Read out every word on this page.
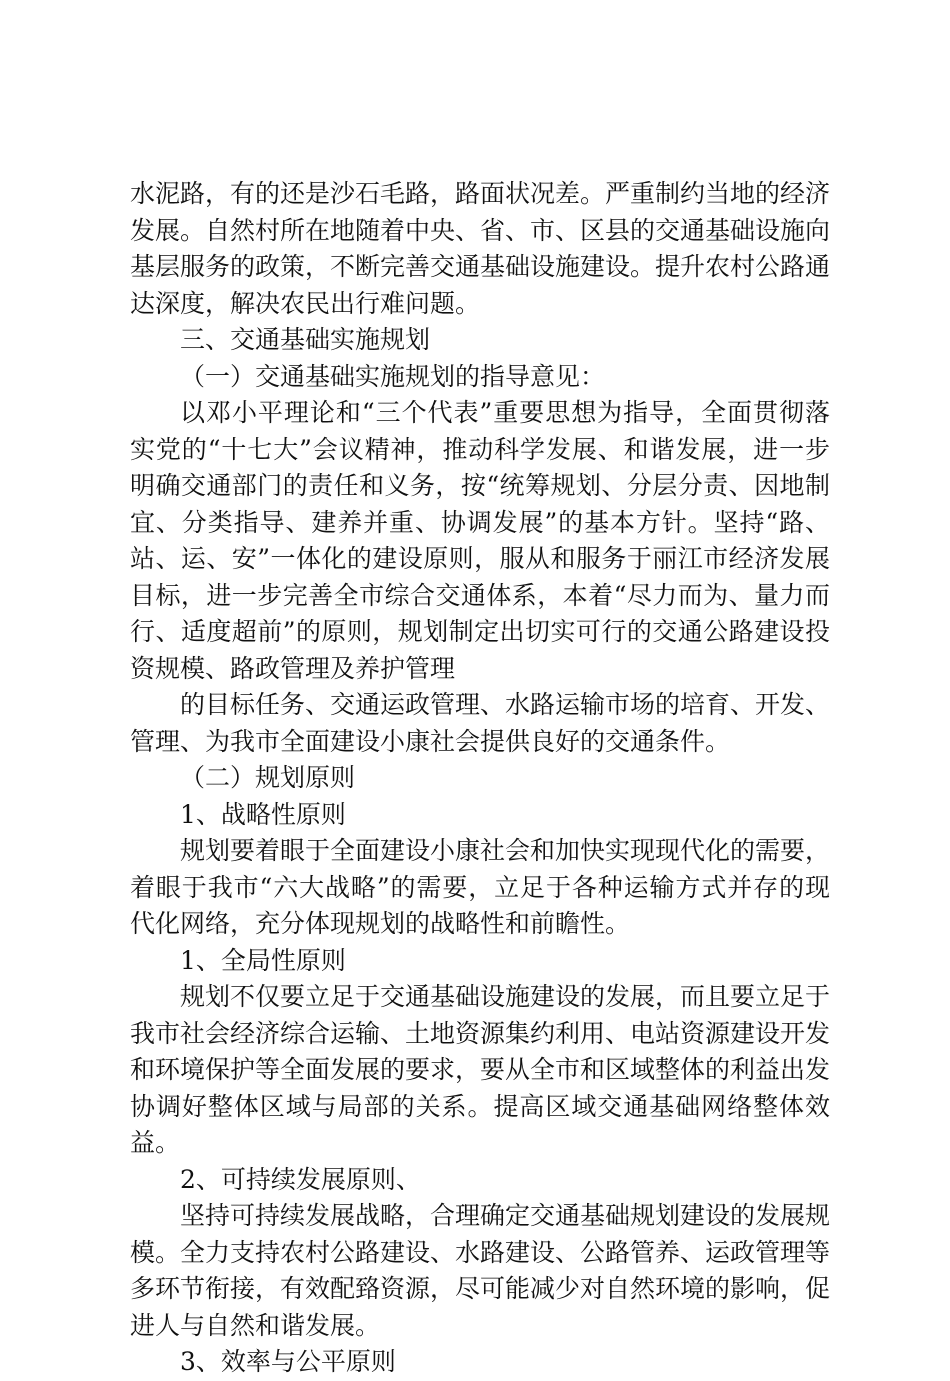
水泥路，有的还是沙石毛路，路面状况差。严重制约当地的经济发展。自然村所在地随着中央、省、市、区县的交通基础设施向基层服务的政策，不断完善交通基础设施建设。提升农村公路通达深度，解决农民出行难问题。

三、交通基础实施规划

（一）交通基础实施规划的指导意见：

以邓小平理论和“三个代表”重要思想为指导，全面贯彻落实党的“十七大”会议精神，推动科学发展、和谐发展，进一步明确交通部门的责任和义务，按“统筹规划、分层分责、因地制宜、分类指导、建养并重、协调发展”的基本方针。坚持“路、站、运、安”一体化的建设原则，服从和服务于丽江市经济发展目标，进一步完善全市综合交通体系，本着“尽力而为、量力而行、适度超前”的原则，规划制定出切实可行的交通公路建设投资规模、路政管理及养护管理

的目标任务、交通运政管理、水路运输市场的培育、开发、管理、为我市全面建设小康社会提供良好的交通条件。

（二）规划原则

1、战略性原则

规划要着眼于全面建设小康社会和加快实现现代化的需要，着眼于我市“六大战略”的需要，立足于各种运输方式并存的现代化网络，充分体现规划的战略性和前瞻性。

1、全局性原则

规划不仅要立足于交通基础设施建设的发展，而且要立足于我市社会经济综合运输、土地资源集约利用、电站资源建设开发和环境保护等全面发展的要求，要从全市和区域整体的利益出发协调好整体区域与局部的关系。提高区域交通基础网络整体效益。

2、可持续发展原则、

坚持可持续发展战略，合理确定交通基础规划建设的发展规模。全力支持农村公路建设、水路建设、公路管养、运政管理等多环节衔接，有效配臵资源，尽可能减少对自然环境的影响，促进人与自然和谐发展。

3、效率与公平原则
